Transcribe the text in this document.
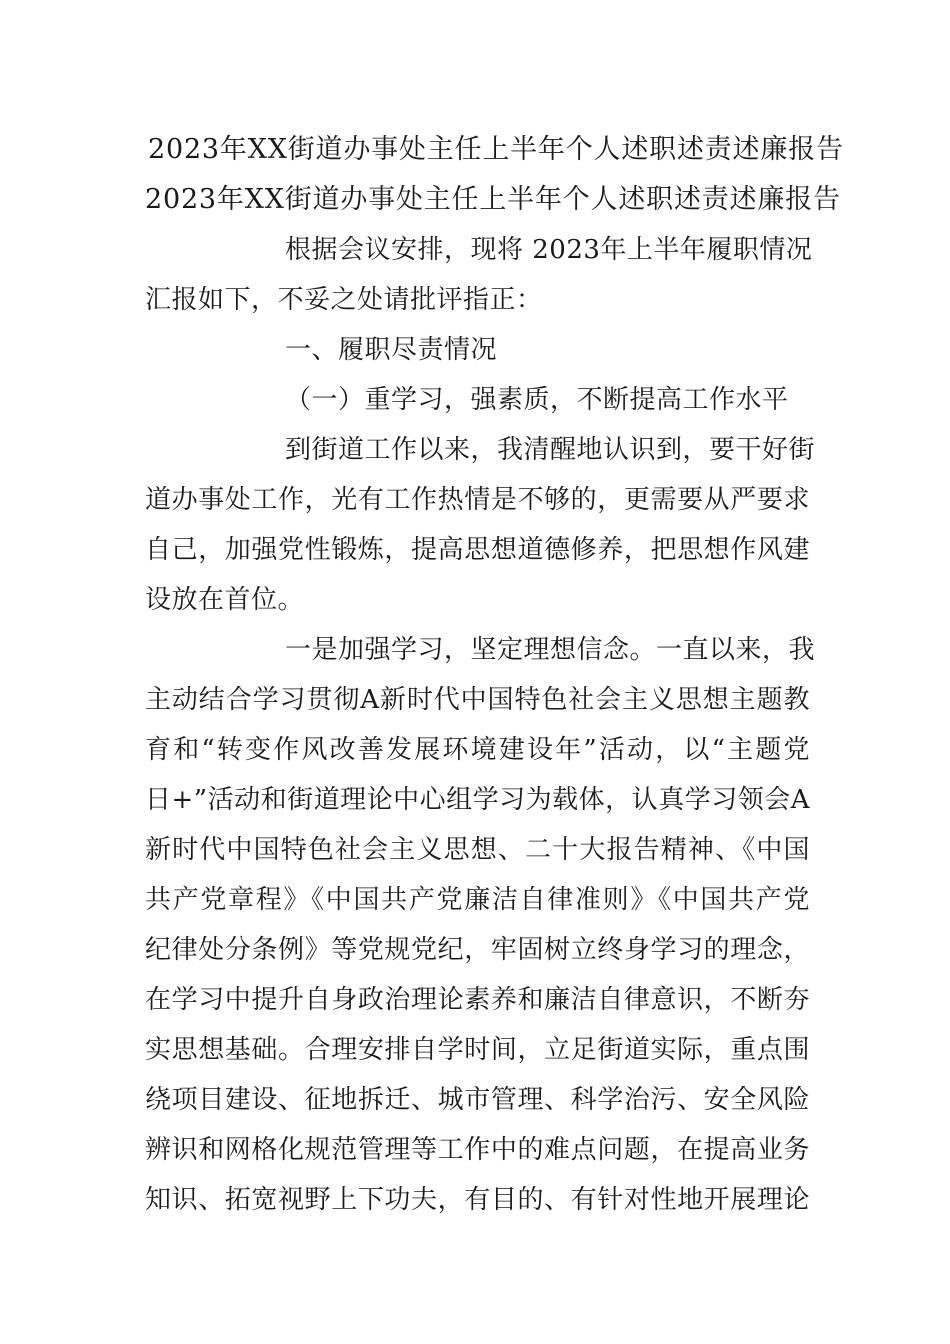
2023年XX街道办事处主任上半年个人述职述责述廉报告
2023年XX街道办事处主任上半年个人述职述责述廉报告
根据会议安排，现将 2023年上半年履职情况
汇报如下，不妥之处请批评指正：
一、履职尽责情况
（一）重学习，强素质，不断提高工作水平
到街道工作以来，我清醒地认识到，要干好街
道办事处工作，光有工作热情是不够的，更需要从严要求
自己，加强党性锻炼，提高思想道德修养，把思想作风建
设放在首位。
一是加强学习，坚定理想信念。一直以来，我
主动结合学习贯彻A新时代中国特色社会主义思想主题教
育和“转变作风改善发展环境建设年”活动，以“主题党
日+”活动和街道理论中心组学习为载体，认真学习领会A
新时代中国特色社会主义思想、二十大报告精神、《中国
共产党章程》《中国共产党廉洁自律准则》《中国共产党
纪律处分条例》等党规党纪，牢固树立终身学习的理念，
在学习中提升自身政治理论素养和廉洁自律意识，不断夯
实思想基础。合理安排自学时间，立足街道实际，重点围
绕项目建设、征地拆迁、城市管理、科学治污、安全风险
辨识和网格化规范管理等工作中的难点问题，在提高业务
知识、拓宽视野上下功夫，有目的、有针对性地开展理论
